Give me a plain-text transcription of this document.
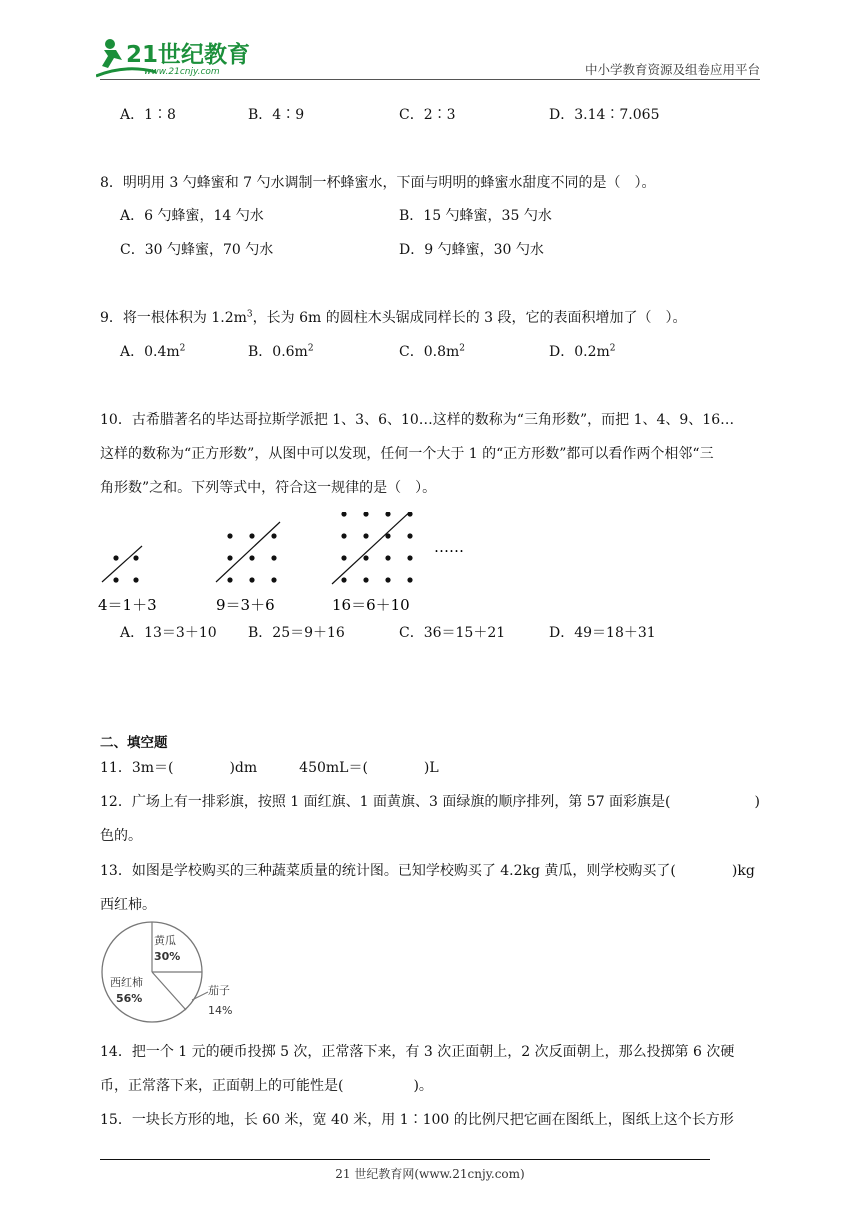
21世纪教育
www.21cnjy.com	中小学教育资源及组卷应用平台
A．1∶8	B．4∶9	C．2∶3	D．3.14∶7.065
8．明明用 3 勺蜂蜜和 7 勺水调制一杯蜂蜜水，下面与明明的蜂蜜水甜度不同的是（　）。
A．6 勺蜂蜜，14 勺水	B．15 勺蜂蜜，35 勺水
C．30 勺蜂蜜，70 勺水	D．9 勺蜂蜜，30 勺水
9．将一根体积为 $1.2m^3$，长为 6m 的圆柱木头锯成同样长的 3 段，它的表面积增加了（　）。
A．$0.4m^2$	B．$0.6m^2$	C．$0.8m^2$	D．$0.2m^2$
10．古希腊著名的毕达哥拉斯学派把 1、3、6、10…这样的数称为“三角形数”，而把 1、4、9、16…
这样的数称为“正方形数”，从图中可以发现，任何一个大于 1 的“正方形数”都可以看作两个相邻“三
角形数”之和。下列等式中，符合这一规律的是（　）。
4＝1＋3	9＝3＋6	16＝6＋10
……
A．13＝3＋10 B．25＝9＋16	C．36＝15＋21	D．49＝18＋31
二、填空题
11．3m＝(　　　　)dm　　　450mL＝(　　　　)L
12．广场上有一排彩旗，按照 1 面红旗、1 面黄旗、3 面绿旗的顺序排列，第 57 面彩旗是(　　　　　　)
色的。
13．如图是学校购买的三种蔬菜质量的统计图。已知学校购买了 4.2kg 黄瓜，则学校购买了(　　　　)kg
西红柿。
黄瓜
30%
西红柿
56%
茄子
14%
14．把一个 1 元的硬币投掷 5 次，正常落下来，有 3 次正面朝上，2 次反面朝上，那么投掷第 6 次硬
币，正常落下来，正面朝上的可能性是(　　　　　)。
15．一块长方形的地，长 60 米，宽 40 米，用 1∶100 的比例尺把它画在图纸上，图纸上这个长方形
21 世纪教育网(www.21cnjy.com)
